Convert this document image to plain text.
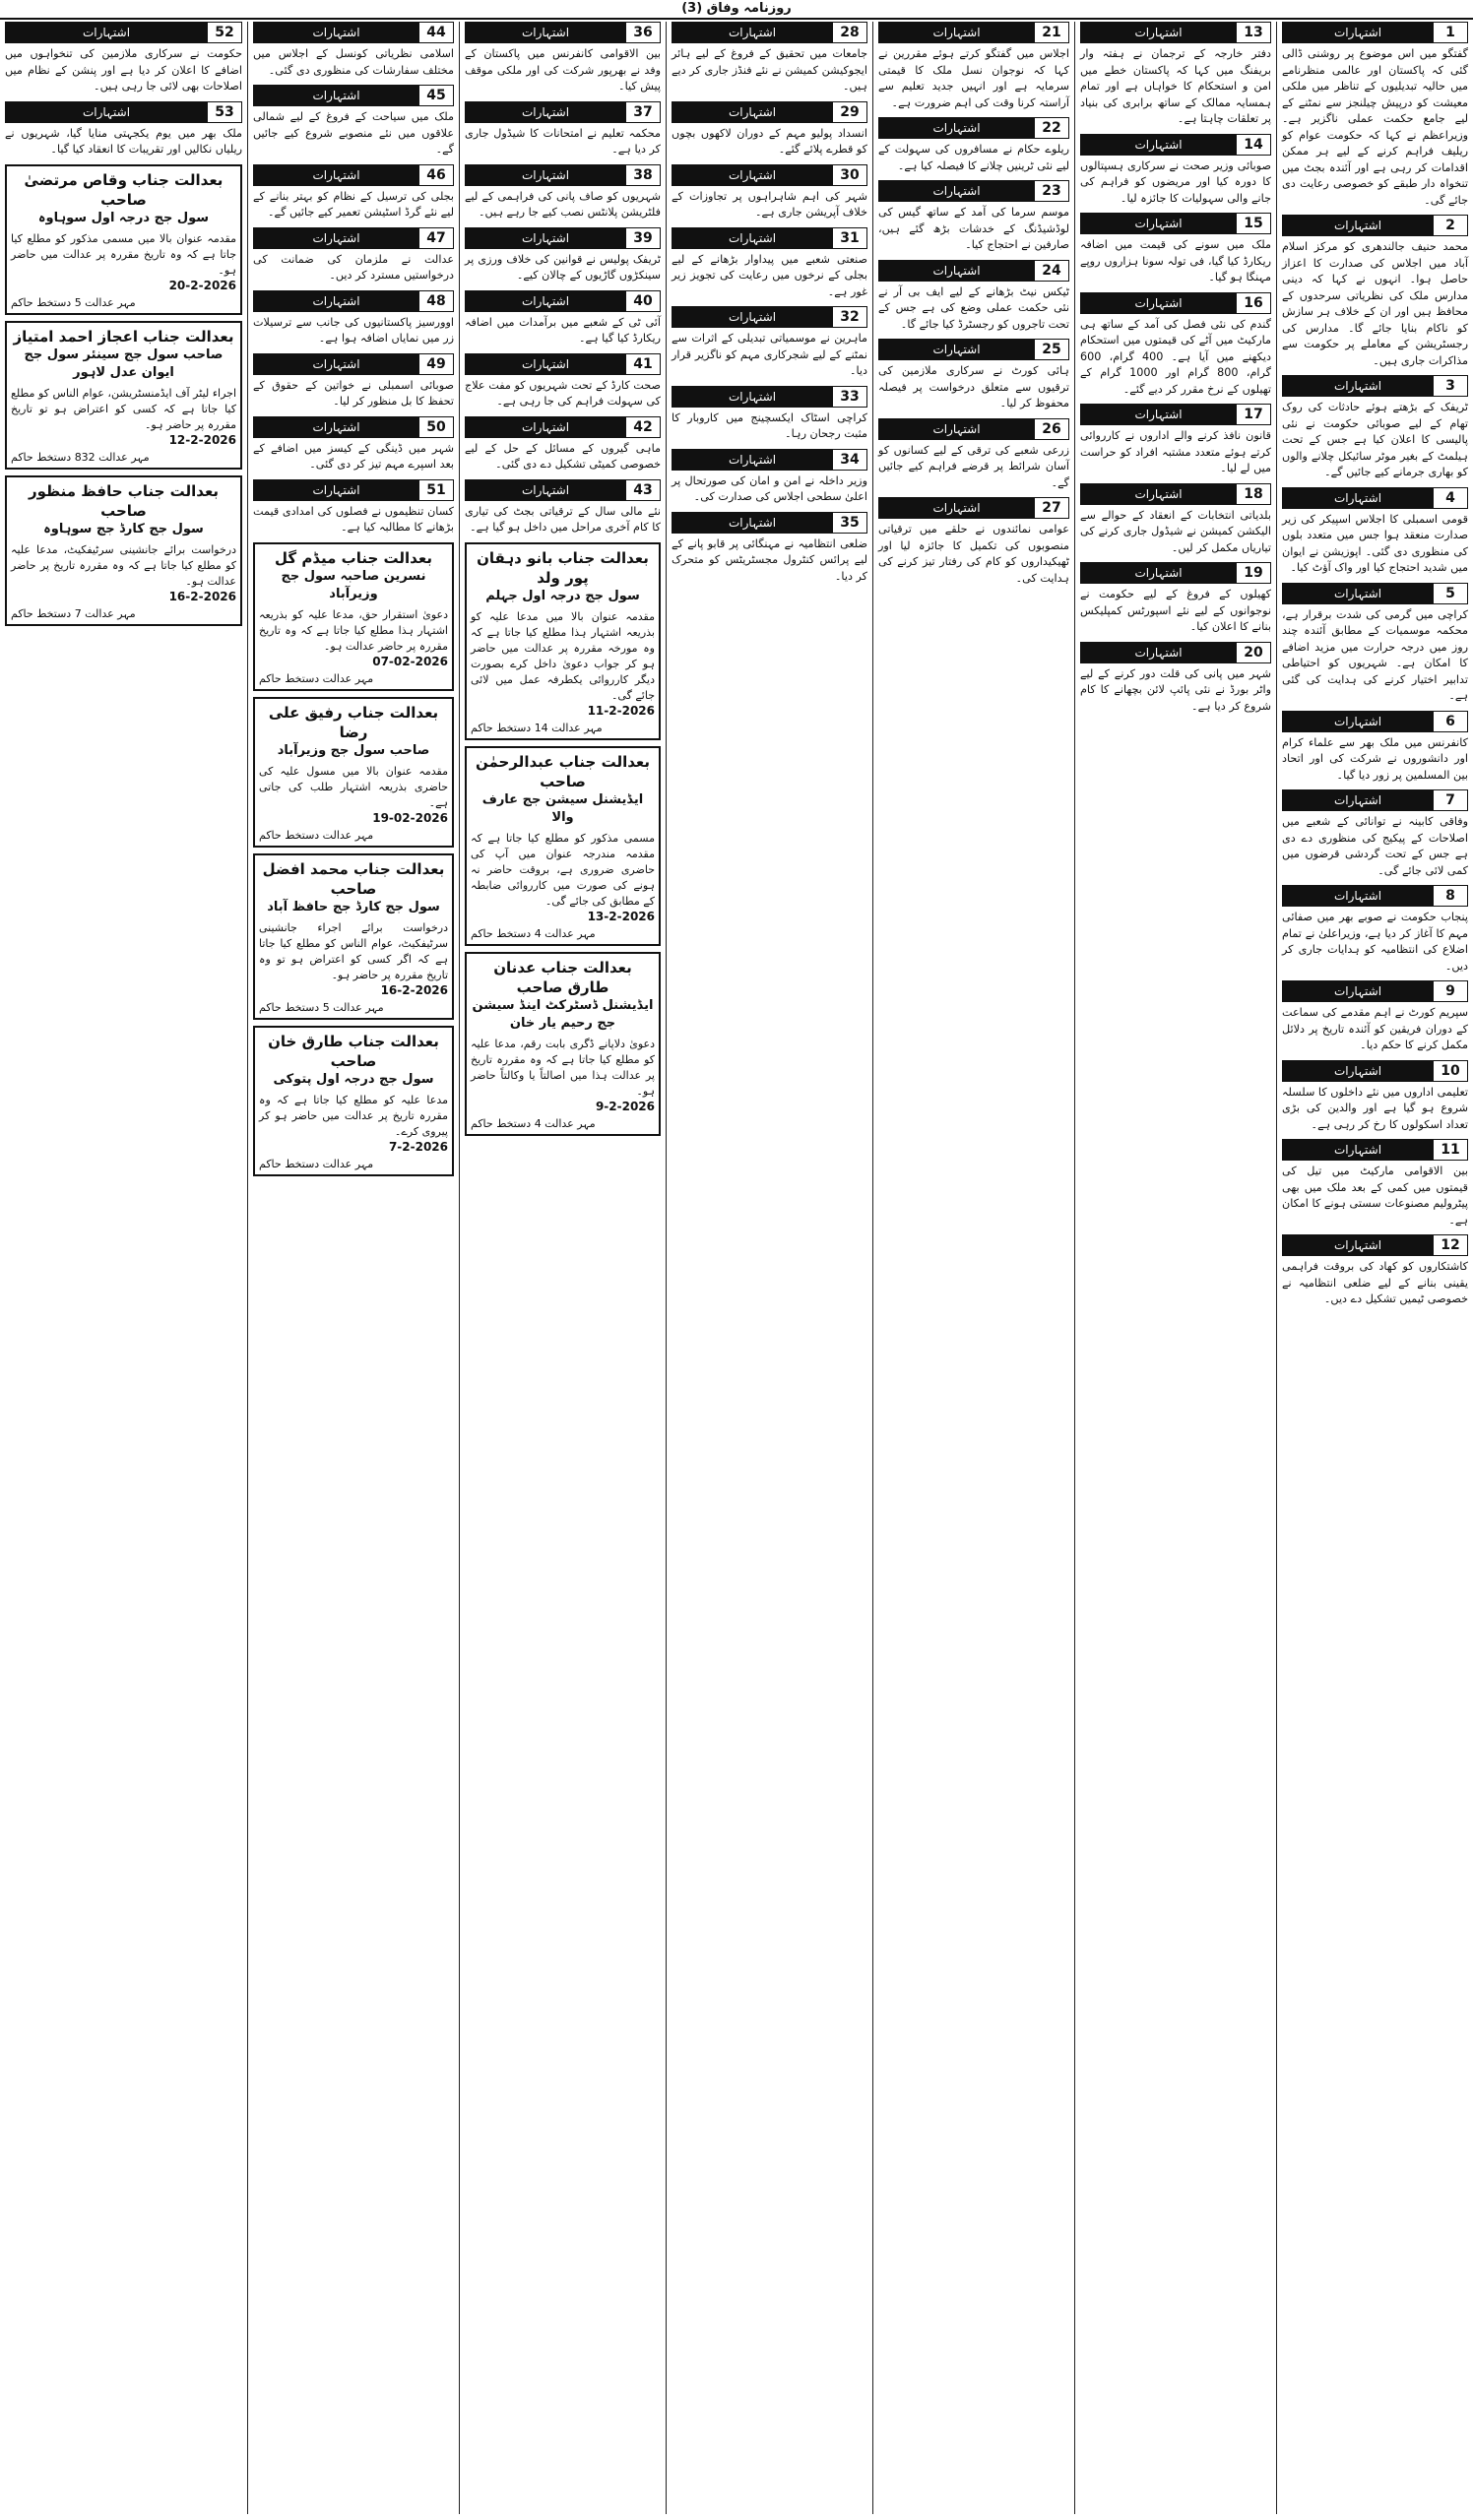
روزنامہ وفاق (3)
1
اشتہارات
گفتگو میں اس موضوع پر روشنی ڈالی گئی کہ پاکستان اور عالمی منظرنامے میں حالیہ تبدیلیوں کے تناظر میں ملکی معیشت کو درپیش چیلنجز سے نمٹنے کے لیے جامع حکمت عملی ناگزیر ہے۔ وزیراعظم نے کہا کہ حکومت عوام کو ریلیف فراہم کرنے کے لیے ہر ممکن اقدامات کر رہی ہے اور آئندہ بجٹ میں تنخواہ دار طبقے کو خصوصی رعایت دی جائے گی۔
2
اشتہارات
محمد حنیف جالندھری کو مرکز اسلام آباد میں اجلاس کی صدارت کا اعزاز حاصل ہوا۔ انہوں نے کہا کہ دینی مدارس ملک کی نظریاتی سرحدوں کے محافظ ہیں اور ان کے خلاف ہر سازش کو ناکام بنایا جائے گا۔ مدارس کی رجسٹریشن کے معاملے پر حکومت سے مذاکرات جاری ہیں۔
3
اشتہارات
ٹریفک کے بڑھتے ہوئے حادثات کی روک تھام کے لیے صوبائی حکومت نے نئی پالیسی کا اعلان کیا ہے جس کے تحت ہیلمٹ کے بغیر موٹر سائیکل چلانے والوں کو بھاری جرمانے کیے جائیں گے۔
4
اشتہارات
قومی اسمبلی کا اجلاس اسپیکر کی زیر صدارت منعقد ہوا جس میں متعدد بلوں کی منظوری دی گئی۔ اپوزیشن نے ایوان میں شدید احتجاج کیا اور واک آؤٹ کیا۔
5
اشتہارات
کراچی میں گرمی کی شدت برقرار ہے، محکمہ موسمیات کے مطابق آئندہ چند روز میں درجہ حرارت میں مزید اضافے کا امکان ہے۔ شہریوں کو احتیاطی تدابیر اختیار کرنے کی ہدایت کی گئی ہے۔
6
اشتہارات
کانفرنس میں ملک بھر سے علماء کرام اور دانشوروں نے شرکت کی اور اتحاد بین المسلمین پر زور دیا گیا۔
7
اشتہارات
وفاقی کابینہ نے توانائی کے شعبے میں اصلاحات کے پیکیج کی منظوری دے دی ہے جس کے تحت گردشی قرضوں میں کمی لائی جائے گی۔
8
اشتہارات
پنجاب حکومت نے صوبے بھر میں صفائی مہم کا آغاز کر دیا ہے، وزیراعلیٰ نے تمام اضلاع کی انتظامیہ کو ہدایات جاری کر دیں۔
9
اشتہارات
سپریم کورٹ نے اہم مقدمے کی سماعت کے دوران فریقین کو آئندہ تاریخ پر دلائل مکمل کرنے کا حکم دیا۔
10
اشتہارات
تعلیمی اداروں میں نئے داخلوں کا سلسلہ شروع ہو گیا ہے اور والدین کی بڑی تعداد اسکولوں کا رخ کر رہی ہے۔
11
اشتہارات
بین الاقوامی مارکیٹ میں تیل کی قیمتوں میں کمی کے بعد ملک میں بھی پیٹرولیم مصنوعات سستی ہونے کا امکان ہے۔
12
اشتہارات
کاشتکاروں کو کھاد کی بروقت فراہمی یقینی بنانے کے لیے ضلعی انتظامیہ نے خصوصی ٹیمیں تشکیل دے دیں۔
13
اشتہارات
دفتر خارجہ کے ترجمان نے ہفتہ وار بریفنگ میں کہا کہ پاکستان خطے میں امن و استحکام کا خواہاں ہے اور تمام ہمسایہ ممالک کے ساتھ برابری کی بنیاد پر تعلقات چاہتا ہے۔
14
اشتہارات
صوبائی وزیر صحت نے سرکاری ہسپتالوں کا دورہ کیا اور مریضوں کو فراہم کی جانے والی سہولیات کا جائزہ لیا۔
15
اشتہارات
ملک میں سونے کی قیمت میں اضافہ ریکارڈ کیا گیا، فی تولہ سونا ہزاروں روپے مہنگا ہو گیا۔
16
اشتہارات
گندم کی نئی فصل کی آمد کے ساتھ ہی مارکیٹ میں آٹے کی قیمتوں میں استحکام دیکھنے میں آیا ہے۔ 400 گرام، 600 گرام، 800 گرام اور 1000 گرام کے تھیلوں کے نرخ مقرر کر دیے گئے۔
17
اشتہارات
قانون نافذ کرنے والے اداروں نے کارروائی کرتے ہوئے متعدد مشتبہ افراد کو حراست میں لے لیا۔
18
اشتہارات
بلدیاتی انتخابات کے انعقاد کے حوالے سے الیکشن کمیشن نے شیڈول جاری کرنے کی تیاریاں مکمل کر لیں۔
19
اشتہارات
کھیلوں کے فروغ کے لیے حکومت نے نوجوانوں کے لیے نئے اسپورٹس کمپلیکس بنانے کا اعلان کیا۔
20
اشتہارات
شہر میں پانی کی قلت دور کرنے کے لیے واٹر بورڈ نے نئی پائپ لائن بچھانے کا کام شروع کر دیا ہے۔
21
اشتہارات
اجلاس میں گفتگو کرتے ہوئے مقررین نے کہا کہ نوجوان نسل ملک کا قیمتی سرمایہ ہے اور انہیں جدید تعلیم سے آراستہ کرنا وقت کی اہم ضرورت ہے۔
22
اشتہارات
ریلوے حکام نے مسافروں کی سہولت کے لیے نئی ٹرینیں چلانے کا فیصلہ کیا ہے۔
23
اشتہارات
موسم سرما کی آمد کے ساتھ گیس کی لوڈشیڈنگ کے خدشات بڑھ گئے ہیں، صارفین نے احتجاج کیا۔
24
اشتہارات
ٹیکس نیٹ بڑھانے کے لیے ایف بی آر نے نئی حکمت عملی وضع کی ہے جس کے تحت تاجروں کو رجسٹرڈ کیا جائے گا۔
25
اشتہارات
ہائی کورٹ نے سرکاری ملازمین کی ترقیوں سے متعلق درخواست پر فیصلہ محفوظ کر لیا۔
26
اشتہارات
زرعی شعبے کی ترقی کے لیے کسانوں کو آسان شرائط پر قرضے فراہم کیے جائیں گے۔
27
اشتہارات
عوامی نمائندوں نے حلقے میں ترقیاتی منصوبوں کی تکمیل کا جائزہ لیا اور ٹھیکیداروں کو کام کی رفتار تیز کرنے کی ہدایت کی۔
28
اشتہارات
جامعات میں تحقیق کے فروغ کے لیے ہائر ایجوکیشن کمیشن نے نئے فنڈز جاری کر دیے ہیں۔
29
اشتہارات
انسداد پولیو مہم کے دوران لاکھوں بچوں کو قطرے پلائے گئے۔
30
اشتہارات
شہر کی اہم شاہراہوں پر تجاوزات کے خلاف آپریشن جاری ہے۔
31
اشتہارات
صنعتی شعبے میں پیداوار بڑھانے کے لیے بجلی کے نرخوں میں رعایت کی تجویز زیر غور ہے۔
32
اشتہارات
ماہرین نے موسمیاتی تبدیلی کے اثرات سے نمٹنے کے لیے شجرکاری مہم کو ناگزیر قرار دیا۔
33
اشتہارات
کراچی اسٹاک ایکسچینج میں کاروبار کا مثبت رجحان رہا۔
34
اشتہارات
وزیر داخلہ نے امن و امان کی صورتحال پر اعلیٰ سطحی اجلاس کی صدارت کی۔
35
اشتہارات
ضلعی انتظامیہ نے مہنگائی پر قابو پانے کے لیے پرائس کنٹرول مجسٹریٹس کو متحرک کر دیا۔
36
اشتہارات
بین الاقوامی کانفرنس میں پاکستان کے وفد نے بھرپور شرکت کی اور ملکی موقف پیش کیا۔
37
اشتہارات
محکمہ تعلیم نے امتحانات کا شیڈول جاری کر دیا ہے۔
38
اشتہارات
شہریوں کو صاف پانی کی فراہمی کے لیے فلٹریشن پلانٹس نصب کیے جا رہے ہیں۔
39
اشتہارات
ٹریفک پولیس نے قوانین کی خلاف ورزی پر سینکڑوں گاڑیوں کے چالان کیے۔
40
اشتہارات
آئی ٹی کے شعبے میں برآمدات میں اضافہ ریکارڈ کیا گیا ہے۔
41
اشتہارات
صحت کارڈ کے تحت شہریوں کو مفت علاج کی سہولت فراہم کی جا رہی ہے۔
42
اشتہارات
ماہی گیروں کے مسائل کے حل کے لیے خصوصی کمیٹی تشکیل دے دی گئی۔
43
اشتہارات
نئے مالی سال کے ترقیاتی بجٹ کی تیاری کا کام آخری مراحل میں داخل ہو گیا ہے۔
بعدالت جناب بانو دہقان پور ولد
سول جج درجہ اول جہلم
مقدمہ عنوان بالا میں مدعا علیہ کو بذریعہ اشتہار ہذا مطلع کیا جاتا ہے کہ وہ مورخہ مقررہ پر عدالت میں حاضر ہو کر جواب دعویٰ داخل کرے بصورت دیگر کارروائی یکطرفہ عمل میں لائی جائے گی۔
11-2-2026
مہر عدالت 14 دستخط حاکم
بعدالت جناب عبدالرحمٰن صاحب
ایڈیشنل سیشن جج عارف والا
مسمی مذکور کو مطلع کیا جاتا ہے کہ مقدمہ مندرجہ عنوان میں آپ کی حاضری ضروری ہے، بروقت حاضر نہ ہونے کی صورت میں کارروائی ضابطہ کے مطابق کی جائے گی۔
13-2-2026
مہر عدالت 4 دستخط حاکم
بعدالت جناب عدنان طارق صاحب
ایڈیشنل ڈسٹرکٹ اینڈ سیشن جج رحیم یار خان
دعویٰ دلاپانے ڈگری بابت رقم، مدعا علیہ کو مطلع کیا جاتا ہے کہ وہ مقررہ تاریخ پر عدالت ہذا میں اصالتاً یا وکالتاً حاضر ہو۔
9-2-2026
مہر عدالت 4 دستخط حاکم
44
اشتہارات
اسلامی نظریاتی کونسل کے اجلاس میں مختلف سفارشات کی منظوری دی گئی۔
45
اشتہارات
ملک میں سیاحت کے فروغ کے لیے شمالی علاقوں میں نئے منصوبے شروع کیے جائیں گے۔
46
اشتہارات
بجلی کی ترسیل کے نظام کو بہتر بنانے کے لیے نئے گرڈ اسٹیشن تعمیر کیے جائیں گے۔
47
اشتہارات
عدالت نے ملزمان کی ضمانت کی درخواستیں مسترد کر دیں۔
48
اشتہارات
اوورسیز پاکستانیوں کی جانب سے ترسیلات زر میں نمایاں اضافہ ہوا ہے۔
49
اشتہارات
صوبائی اسمبلی نے خواتین کے حقوق کے تحفظ کا بل منظور کر لیا۔
50
اشتہارات
شہر میں ڈینگی کے کیسز میں اضافے کے بعد اسپرے مہم تیز کر دی گئی۔
51
اشتہارات
کسان تنظیموں نے فصلوں کی امدادی قیمت بڑھانے کا مطالبہ کیا ہے۔
بعدالت جناب میڈم گل
نسرین صاحبہ سول جج وزیرآباد
دعویٰ استقرار حق، مدعا علیہ کو بذریعہ اشتہار ہذا مطلع کیا جاتا ہے کہ وہ تاریخ مقررہ پر حاضر عدالت ہو۔
07-02-2026
مہر عدالت دستخط حاکم
بعدالت جناب رفیق علی رضا
صاحب سول جج وزیرآباد
مقدمہ عنوان بالا میں مسول علیہ کی حاضری بذریعہ اشتہار طلب کی جاتی ہے۔
19-02-2026
مہر عدالت دستخط حاکم
بعدالت جناب محمد افضل صاحب
سول جج کارڈ جج حافظ آباد
درخواست برائے اجراء جانشینی سرٹیفکیٹ، عوام الناس کو مطلع کیا جاتا ہے کہ اگر کسی کو اعتراض ہو تو وہ تاریخ مقررہ پر حاضر ہو۔
16-2-2026
مہر عدالت 5 دستخط حاکم
بعدالت جناب طارق خان صاحب
سول جج درجہ اول پتوکی
مدعا علیہ کو مطلع کیا جاتا ہے کہ وہ مقررہ تاریخ پر عدالت میں حاضر ہو کر پیروی کرے۔
7-2-2026
مہر عدالت دستخط حاکم
52
اشتہارات
حکومت نے سرکاری ملازمین کی تنخواہوں میں اضافے کا اعلان کر دیا ہے اور پنشن کے نظام میں اصلاحات بھی لائی جا رہی ہیں۔
53
اشتہارات
ملک بھر میں یوم یکجہتی منایا گیا، شہریوں نے ریلیاں نکالیں اور تقریبات کا انعقاد کیا گیا۔
بعدالت جناب وقاص مرتضیٰ صاحب
سول جج درجہ اول سوہاوہ
مقدمہ عنوان بالا میں مسمی مذکور کو مطلع کیا جاتا ہے کہ وہ تاریخ مقررہ پر عدالت میں حاضر ہو۔
20-2-2026
مہر عدالت 5 دستخط حاکم
بعدالت جناب اعجاز احمد امتیاز
صاحب سول جج سینئر سول جج ایوان عدل لاہور
اجراء لیٹر آف ایڈمنسٹریشن، عوام الناس کو مطلع کیا جاتا ہے کہ کسی کو اعتراض ہو تو تاریخ مقررہ پر حاضر ہو۔
12-2-2026
مہر عدالت 832 دستخط حاکم
بعدالت جناب حافظ منظور صاحب
سول جج کارڈ جج سوہاوہ
درخواست برائے جانشینی سرٹیفکیٹ، مدعا علیہ کو مطلع کیا جاتا ہے کہ وہ مقررہ تاریخ پر حاضر عدالت ہو۔
16-2-2026
مہر عدالت 7 دستخط حاکم
